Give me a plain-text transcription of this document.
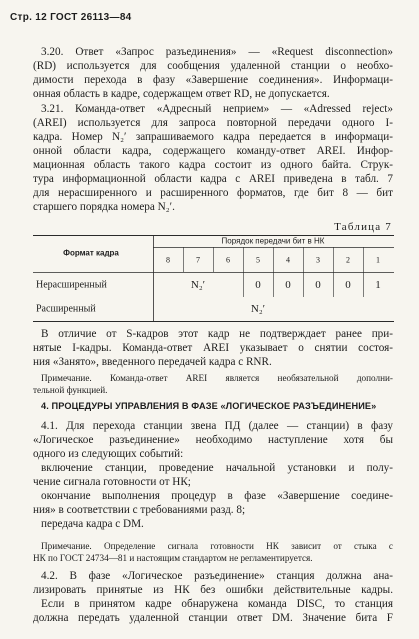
Стр. 12 ГОСТ 26113—84
3.20. Ответ «Запрос разъединения» — «Request disconnection»
(RD) используется для сообщения удаленной станции о необхо-
димости перехода в фазу «Завершение соединения». Информаци-
онная область в кадре, содержащем ответ RD, не допускается.
3.21. Команда-ответ «Адресный неприем» — «Adressed reject»
(AREI) используется для запроса повторной передачи одного I-
кадра. Номер N₂′ запрашиваемого кадра передается в информаци-
онной области кадра, содержащего команду-ответ AREI. Инфор-
мационная область такого кадра состоит из одного байта. Струк-
тура информационной области кадра с AREI приведена в табл. 7
для нерасширенного и расширенного форматов, где бит 8 — бит
старшего порядка номера N₂′.
Таблица 7
Порядок передачи бит в НК
Формат кадра
8	7	6	5	4	3	2	1
Нерасширенный	N₂′	0 0 0 0 1
Расширенный	N₂′
В отличие от S-кадров этот кадр не подтверждает ранее при-
нятые I-кадры. Команда-ответ AREI указывает о снятии состоя-
ния «Занято», введенного передачей кадра с RNR.
Примечание. Команда-ответ AREI является необязательной дополни-
тельной функцией.
4. ПРОЦЕДУРЫ УПРАВЛЕНИЯ В ФАЗЕ «ЛОГИЧЕСКОЕ РАЗЪЕДИНЕНИЕ»
4.1. Для перехода станции звена ПД (далее — станции) в фазу
«Логическое разъединение» необходимо наступление хотя бы
одного из следующих событий:
включение станции, проведение начальной установки и полу-
чение сигнала готовности от НК;
окончание выполнения процедур в фазе «Завершение соедине-
ния» в соответствии с требованиями разд. 8;
передача кадра с DM.
Примечание. Определение сигнала готовности НК зависит от стыка с
НК по ГОСТ 24734—81 и настоящим стандартом не регламентируется.
4.2. В фазе «Логическое разъединение» станция должна ана-
лизировать принятые из НК без ошибки действительные кадры.
Если в принятом кадре обнаружена команда DISC, то станция
должна передать удаленной станции ответ DM. Значение бита F
